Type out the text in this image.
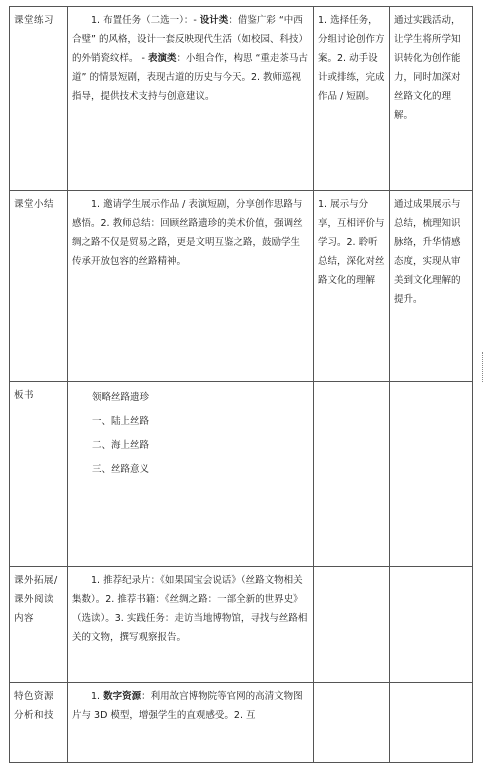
课堂练习	1. 布置任务（二选一）：- 设计类：借鉴广彩 “中西合璧” 的风格，设计一套反映现代生活（如校园、科技）的外销瓷纹样。 - 表演类：小组合作，构思 “重走茶马古道” 的情景短剧，表现古道的历史与今天。2. 教师巡视指导，提供技术支持与创意建议。	1. 选择任务，分组讨论创作方案。2. 动手设计或排练，完成作品 / 短剧。	通过实践活动，让学生将所学知识转化为创作能力，同时加深对丝路文化的理解。
课堂小结	1. 邀请学生展示作品 / 表演短剧，分享创作思路与感悟。2. 教师总结：回顾丝路遗珍的美术价值，强调丝绸之路不仅是贸易之路，更是文明互鉴之路，鼓励学生传承开放包容的丝路精神。	1. 展示与分享，互相评价与学习。2. 聆听总结，深化对丝路文化的理解	通过成果展示与总结，梳理知识脉络，升华情感态度，实现从审美到文化理解的提升。
板书	领略丝路遗珍
一、陆上丝路
二、海上丝路
三、丝路意义		

课外拓展/课外阅读内容	1. 推荐纪录片：《如果国宝会说话》（丝路文物相关集数）。2. 推荐书籍：《丝绸之路：一部全新的世界史》（选读）。3. 实践任务：走访当地博物馆，寻找与丝路相关的文物，撰写观察报告。		

特色资源分析和技	1. 数字资源：利用故宫博物院等官网的高清文物图片与 3D 模型，增强学生的直观感受。2. 互		
